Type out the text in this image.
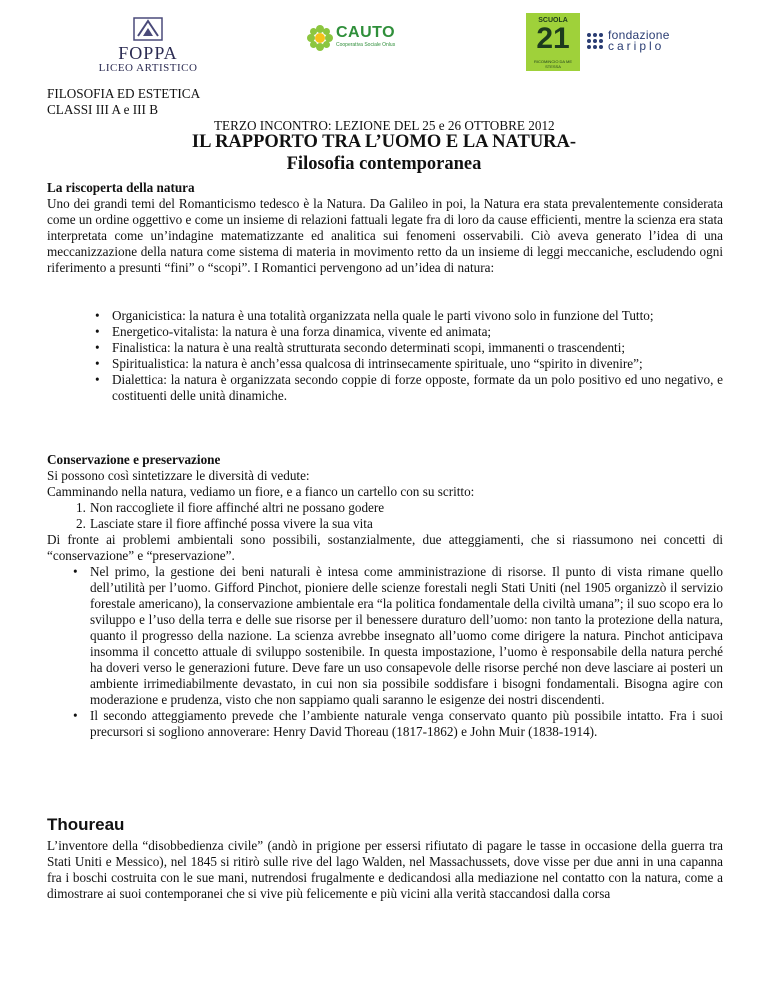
FOPPA
LICEO ARTISTICO
CAUTO
Cooperativa Sociale Onlus
SCUOLA
21
RICOMINCIO DA ME STESSA
fondazione
cariplo

FILOSOFIA ED ESTETICA

CLASSI III A e III B

TERZO INCONTRO: LEZIONE DEL 25 e 26 OTTOBRE 2012

IL RAPPORTO TRA L’UOMO E LA NATURA-
Filosofia contemporanea

La riscoperta della natura

Uno dei grandi temi del Romanticismo tedesco è la Natura. Da Galileo in poi, la Natura era stata prevalentemente considerata come un ordine oggettivo e come un insieme di relazioni fattuali legate fra di loro da cause efficienti, mentre la scienza era stata interpretata come un’indagine matematizzante ed analitica sui fenomeni osservabili. Ciò aveva generato l’idea di una meccanizzazione della natura come sistema di materia in movimento retto da un insieme di leggi meccaniche, escludendo ogni riferimento a presunti “fini” o “scopi”. I Romantici pervengono ad un’idea di natura:

• Organicistica: la natura è una totalità organizzata nella quale le parti vivono solo in funzione del Tutto;
• Energetico-vitalista: la natura è una forza dinamica, vivente ed animata;
• Finalistica: la natura è una realtà strutturata secondo determinati scopi, immanenti o trascendenti;
• Spiritualistica: la natura è anch’essa qualcosa di intrinsecamente spirituale, uno “spirito in divenire”;
• Dialettica: la natura è organizzata secondo coppie di forze opposte, formate da un polo positivo ed uno negativo, e costituenti delle unità dinamiche.

Conservazione e preservazione

Si possono così sintetizzare le diversità di vedute:

Camminando nella natura, vediamo un fiore, e a fianco un cartello con su scritto:

1. Non raccogliete il fiore affinché altri ne possano godere
2. Lasciate stare il fiore affinché possa vivere la sua vita

Di fronte ai problemi ambientali sono possibili, sostanzialmente, due atteggiamenti, che si riassumono nei concetti di “conservazione” e “preservazione”.

• Nel primo, la gestione dei beni naturali è intesa come amministrazione di risorse. Il punto di vista rimane quello dell’utilità per l’uomo. Gifford Pinchot, pioniere delle scienze forestali negli Stati Uniti (nel 1905 organizzò il servizio forestale americano), la conservazione ambientale era “la politica fondamentale della civiltà umana”; il suo scopo era lo sviluppo e l’uso della terra e delle sue risorse per il benessere duraturo dell’uomo: non tanto la protezione della natura, quanto il progresso della nazione. La scienza avrebbe insegnato all’uomo come dirigere la natura. Pinchot anticipava insomma il concetto attuale di sviluppo sostenibile. In questa impostazione, l’uomo è responsabile della natura perché ha doveri verso le generazioni future. Deve fare un uso consapevole delle risorse perché non deve lasciare ai posteri un ambiente irrimediabilmente devastato, in cui non sia possibile soddisfare i bisogni fondamentali. Bisogna agire con moderazione e prudenza, visto che non sappiamo quali saranno le esigenze dei nostri discendenti.
• Il secondo atteggiamento prevede che l’ambiente naturale venga conservato quanto più possibile intatto. Fra i suoi precursori si sogliono annoverare: Henry David Thoreau (1817-1862) e John Muir (1838-1914).
Thoureau

L’inventore della “disobbedienza civile” (andò in prigione per essersi rifiutato di pagare le tasse in occasione della guerra tra Stati Uniti e Messico), nel 1845 si ritirò sulle rive del lago Walden, nel Massachussets, dove visse per due anni in una capanna fra i boschi costruita con le sue mani, nutrendosi frugalmente e dedicandosi alla mediazione nel contatto con la natura, come a dimostrare ai suoi contemporanei che si vive più felicemente e più vicini alla verità staccandosi dalla corsa
